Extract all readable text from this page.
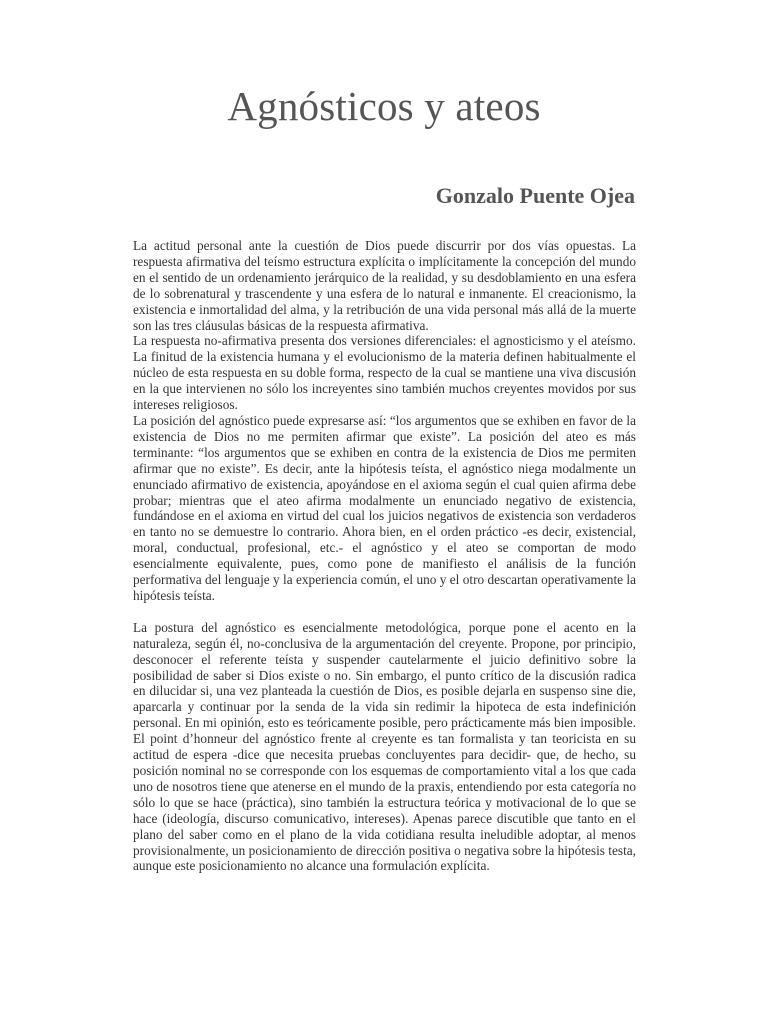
Agnósticos y ateos
Gonzalo Puente Ojea

La actitud personal ante la cuestión de Dios puede discurrir por dos vías opuestas. La respuesta afirmativa del teísmo estructura explícita o implícitamente la concepción del mundo en el sentido de un ordenamiento jerárquico de la realidad, y su desdoblamiento en una esfera de lo sobrenatural y trascendente y una esfera de lo natural e inmanente. El creacionismo, la existencia e inmortalidad del alma, y la retribución de una vida personal más allá de la muerte son las tres cláusulas básicas de la respuesta afirmativa.

La respuesta no-afirmativa presenta dos versiones diferenciales: el agnosticismo y el ateísmo. La finitud de la existencia humana y el evolucionismo de la materia definen habitualmente el núcleo de esta respuesta en su doble forma, respecto de la cual se mantiene una viva discusión en la que intervienen no sólo los increyentes sino también muchos creyentes movidos por sus intereses religiosos.

La posición del agnóstico puede expresarse así: “los argumentos que se exhiben en favor de la existencia de Dios no me permiten afirmar que existe”. La posición del ateo es más terminante: “los argumentos que se exhiben en contra de la existencia de Dios me permiten afirmar que no existe”. Es decir, ante la hipótesis teísta, el agnóstico niega modalmente un enunciado afirmativo de existencia, apoyándose en el axioma según el cual quien afirma debe probar; mientras que el ateo afirma modalmente un enunciado negativo de existencia, fundándose en el axioma en virtud del cual los juicios negativos de existencia son verdaderos en tanto no se demuestre lo contrario. Ahora bien, en el orden práctico -es decir, existencial, moral, conductual, profesional, etc.- el agnóstico y el ateo se comportan de modo esencialmente equivalente, pues, como pone de manifiesto el análisis de la función performativa del lenguaje y la experiencia común, el uno y el otro descartan operativamente la hipótesis teísta.

La postura del agnóstico es esencialmente metodológica, porque pone el acento en la naturaleza, según él, no-conclusiva de la argumentación del creyente. Propone, por principio, desconocer el referente teísta y suspender cautelarmente el juicio definitivo sobre la posibilidad de saber si Dios existe o no. Sin embargo, el punto crítico de la discusión radica en dilucidar si, una vez planteada la cuestión de Dios, es posible dejarla en suspenso sine die, aparcarla y continuar por la senda de la vida sin redimir la hipoteca de esta indefinición personal. En mi opinión, esto es teóricamente posible, pero prácticamente más bien imposible. El point d’honneur del agnóstico frente al creyente es tan formalista y tan teoricista en su actitud de espera -dice que necesita pruebas concluyentes para decidir- que, de hecho, su posición nominal no se corresponde con los esquemas de comportamiento vital a los que cada uno de nosotros tiene que atenerse en el mundo de la praxis, entendiendo por esta categoría no sólo lo que se hace (práctica), sino también la estructura teórica y motivacional de lo que se hace (ideología, discurso comunicativo, intereses). Apenas parece discutible que tanto en el plano del saber como en el plano de la vida cotidiana resulta ineludible adoptar, al menos provisionalmente, un posicionamiento de dirección positiva o negativa sobre la hipótesis testa, aunque este posicionamiento no alcance una formulación explícita.
